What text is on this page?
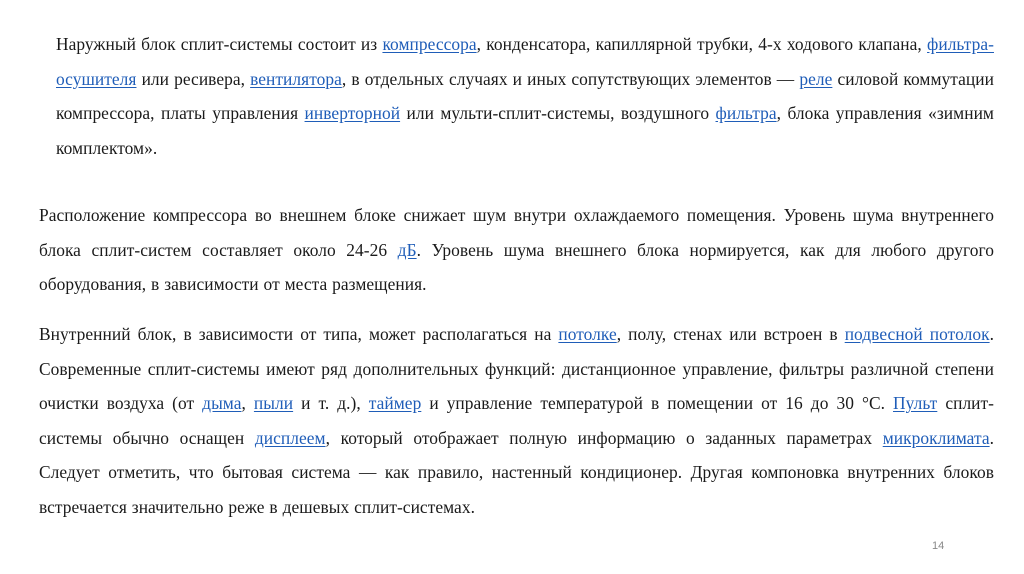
Наружный блок сплит-системы состоит из компрессора, конденсатора, капиллярной трубки, 4-х ходового клапана, фильтра-осушителя или ресивера, вентилятора, в отдельных случаях и иных сопутствующих элементов — реле силовой коммутации компрессора, платы управления инверторной или мульти-сплит-системы, воздушного фильтра, блока управления «зимним комплектом».

Расположение компрессора во внешнем блоке снижает шум внутри охлаждаемого помещения. Уровень шума внутреннего блока сплит-систем составляет около 24-26 дБ. Уровень шума внешнего блока нормируется, как для любого другого оборудования, в зависимости от места размещения.

Внутренний блок, в зависимости от типа, может располагаться на потолке, полу, стенах или встроен в подвесной потолок. Современные сплит-системы имеют ряд дополнительных функций: дистанционное управление, фильтры различной степени очистки воздуха (от дыма, пыли и т. д.), таймер и управление температурой в помещении от 16 до 30 °С. Пульт сплит-системы обычно оснащен дисплеем, который отображает полную информацию о заданных параметрах микроклимата. Следует отметить, что бытовая система — как правило, настенный кондиционер. Другая компоновка внутренних блоков встречается значительно реже в дешевых сплит-системах.

14
